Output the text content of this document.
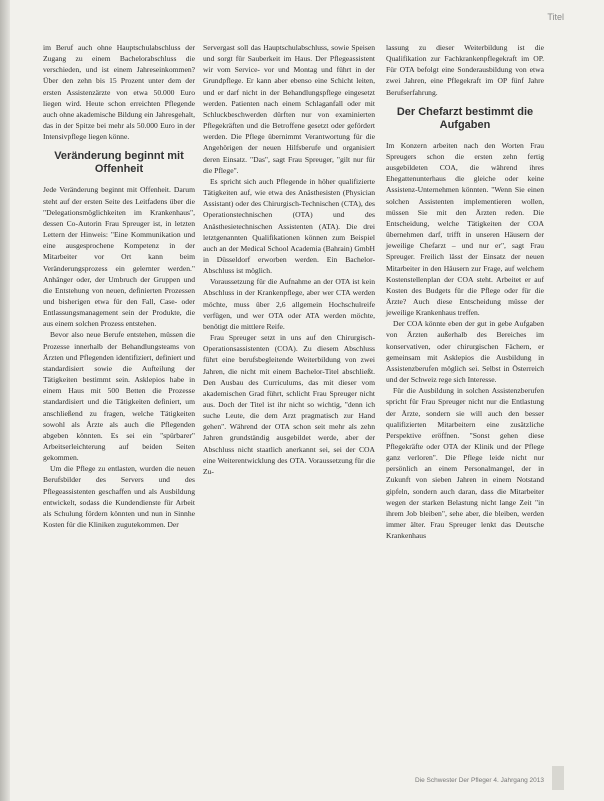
Titel

im Beruf auch ohne Hauptschulabschluss der Zugang zu einem Bachelorabschluss die verschieden, und ist einem Jahreseinkommen? Über den zehn bis 15 Prozent unter dem der ersten Assistenzärzte von etwa 50.000 Euro liegen wird. Heute schon erreichten Pflegende auch ohne akademische Bildung ein Jahresgehalt, das in der Spitze bei mehr als 50.000 Euro in der Intensivpflege liegen könne.

Veränderung beginnt mit Offenheit

Jede Veränderung beginnt mit Offenheit. Darum steht auf der ersten Seite des Leitfadens über die "Delegationsmöglichkeiten im Krankenhaus", dessen Co-Autorin Frau Spreuger ist, in letzten Lettern der Hinweis: "Eine Kommunikation und eine ausgesprochene Kompetenz in der Mitarbeiter vor Ort kann beim Veränderungsprozess ein gelernter werden." Anhänger oder, der Umbruch der Gruppen und die Entstehung von neuen, definierten Prozessen und bisherigen etwa für den Fall, Case- oder Entlassungsmanagement sein der Produkte, die aus einem solchen Prozess entstehen.

Bevor also neue Berufe entstehen, müssen die Prozesse innerhalb der Behandlungsteams von Ärzten und Pflegenden identifiziert, definiert und standardisiert sowie die Aufteilung der Tätigkeiten bestimmt sein. Asklepios habe in einem Haus mit 500 Betten die Prozesse standardisiert und die Tätigkeiten definiert, um anschließend zu fragen, welche Tätigkeiten sowohl als Ärzte als auch die Pflegenden abgeben könnten. Es sei ein "spürbarer" Arbeitserleichterung auf beiden Seiten gekommen.

Um die Pflege zu entlasten, wurden die neuen Berufsbilder des Servers und des Pflegeassistenten geschaffen und als Ausbildung entwickelt, sodass die Kundendienste für Arbeit als Schulung fördern könnten und nun in Sinnhe Kosten für die Kliniken zugutekommen. Der

Servergast soll das Hauptschulabschluss, sowie Speisen und sorgt für Sauberkeit im Haus. Der Pflegeassistent wir vom Service- vor und Montag und führt in der Grundpflege. Er kann aber ebenso eine Schicht leiten, und er darf nicht in der Behandlungspflege eingesetzt werden. Patienten nach einem Schlaganfall oder mit Schluckbeschwerden dürften nur von examinierten Pflegekräften und die Betroffene gesetzt oder gefördert werden. Die Pflege übernimmt Verantwortung für die Angehörigen der neuen Hilfsberufe und organisiert deren Einsatz. "Das", sagt Frau Spreuger, "gilt nur für die Pflege".

Es spricht sich auch Pflegende in höher qualifizierte Tätigkeiten auf, wie etwa des Anästhesisten (Physician Assistant) oder des Chirurgisch-Technischen (CTA), des Operationstechnischen (OTA) und des Anästhesietechnischen Assistenten (ATA). Die drei letztgenannten Qualifikationen können zum Beispiel auch an der Medical School Academia (Bahrain) GmbH in Düsseldorf erworben werden. Ein Bachelor-Abschluss ist möglich.

Voraussetzung für die Aufnahme an der OTA ist kein Abschluss in der Krankenpflege, aber wer CTA werden möchte, muss über 2,6 allgemein Hochschulreife verfügen, und wer OTA oder ATA werden möchte, benötigt die mittlere Reife.

Frau Spreuger setzt in uns auf den Chirurgisch-Operationsassistenten (COA). Zu diesem Abschluss führt eine berufsbegleitende Weiterbildung von zwei Jahren, die nicht mit einem Bachelor-Titel abschließt. Den Ausbau des Curriculums, das mit dieser vom akademischen Grad führt, schlicht Frau Spreuger nicht aus. Doch der Titel ist ihr nicht so wichtig, "denn ich suche Leute, die dem Arzt pragmatisch zur Hand gehen". Während der OTA schon seit mehr als zehn Jahren grundständig ausgebildet werde, aber der Abschluss nicht staatlich anerkannt sei, sei der COA eine Weiterentwicklung des OTA. Voraussetzung für die Zu-

lassung zu dieser Weiterbildung ist die Qualifikation zur Fachkrankenpflegekraft im OP. Für OTA befolgt eine Sonderausbildung von etwa zwei Jahren, eine Pflegekraft im OP fünf Jahre Berufserfahrung.

Der Chefarzt bestimmt die Aufgaben

Im Konzern arbeiten nach den Worten Frau Spreugers schon die ersten zehn fertig ausgebildeten COA, die während ihres Ehegattenunterhaus die gleiche oder keine Assistenz-Unternehmen könnten. "Wenn Sie einen solchen Assistenten implementieren wollen, müssen Sie mit den Ärzten reden. Die Entscheidung, welche Tätigkeiten der COA übernehmen darf, trifft in unseren Häusern der jeweilige Chefarzt – und nur er", sagt Frau Spreuger. Freilich lässt der Einsatz der neuen Mitarbeiter in den Häusern zur Frage, auf welchem Kostenstellenplan der COA steht. Arbeitet er auf Kosten des Budgets für die Pflege oder für die Ärzte? Auch diese Entscheidung müsse der jeweilige Krankenhaus treffen.

Der COA könnte eben der gut in gebe Aufgaben von Ärzten außerhalb des Bereiches im konservativen, oder chirurgischen Fächern, er gemeinsam mit Asklepios die Ausbildung in Assistenzberufen möglich sei. Selbst in Österreich und der Schweiz rege sich Interesse.

Für die Ausbildung in solchen Assistenzberufen spricht für Frau Spreuger nicht nur die Entlastung der Ärzte, sondern sie will auch den besser qualifizierten Mitarbeitern eine zusätzliche Perspektive eröffnen. "Sonst gehen diese Pflegekräfte oder OTA der Klinik und der Pflege ganz verloren". Die Pflege leide nicht nur persönlich an einem Personalmangel, der in Zukunft von sieben Jahren in einem Notstand gipfeln, sondern auch daran, dass die Mitarbeiter wegen der starken Belastung nicht lange Zeit "in ihrem Job bleiben", sehe aber, die bleiben, werden immer älter. Frau Spreuger lenkt das Deutsche Krankenhaus

Die Schwester Der Pfleger 4. Jahrgang 2013
